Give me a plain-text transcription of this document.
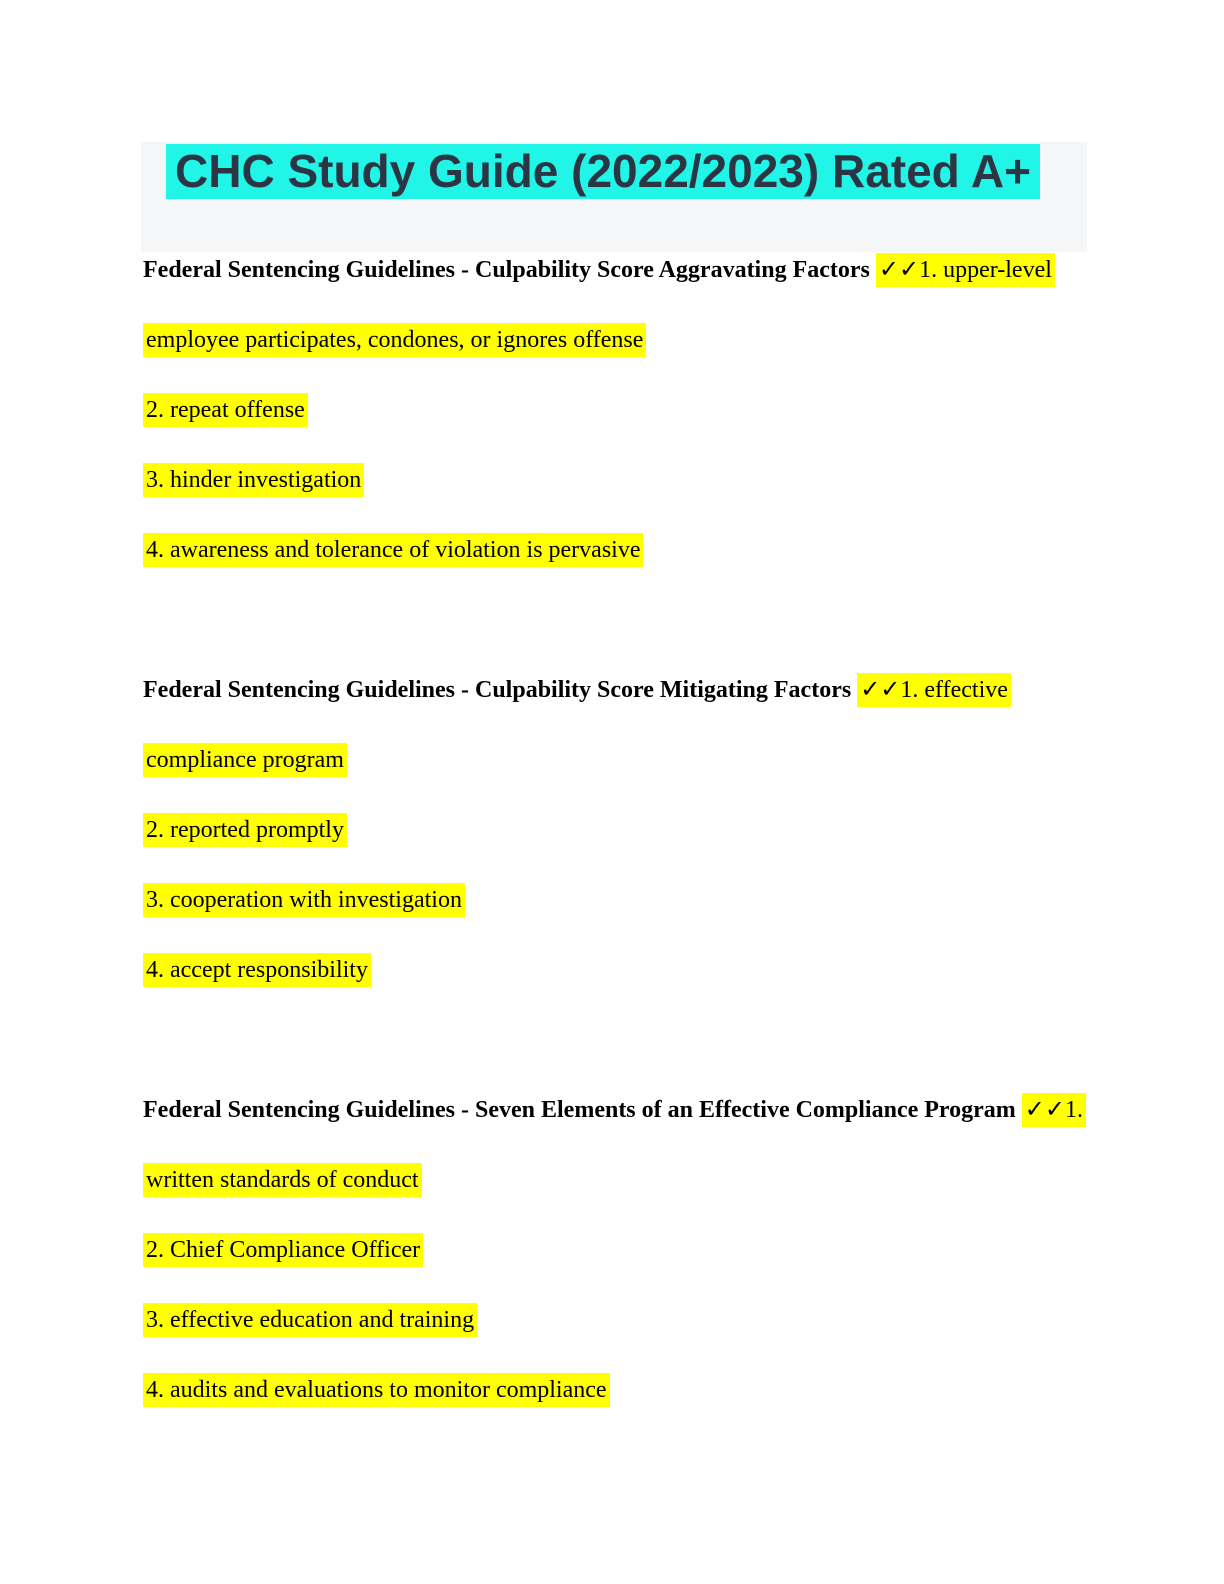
CHC Study Guide (2022/2023) Rated A+

Federal Sentencing Guidelines - Culpability Score Aggravating Factors ✓✓1. upper-level

employee participates, condones, or ignores offense

2. repeat offense

3. hinder investigation

4. awareness and tolerance of violation is pervasive

Federal Sentencing Guidelines - Culpability Score Mitigating Factors ✓✓1. effective

compliance program

2. reported promptly

3. cooperation with investigation

4. accept responsibility

Federal Sentencing Guidelines - Seven Elements of an Effective Compliance Program ✓✓1.

written standards of conduct

2. Chief Compliance Officer

3. effective education and training

4. audits and evaluations to monitor compliance
